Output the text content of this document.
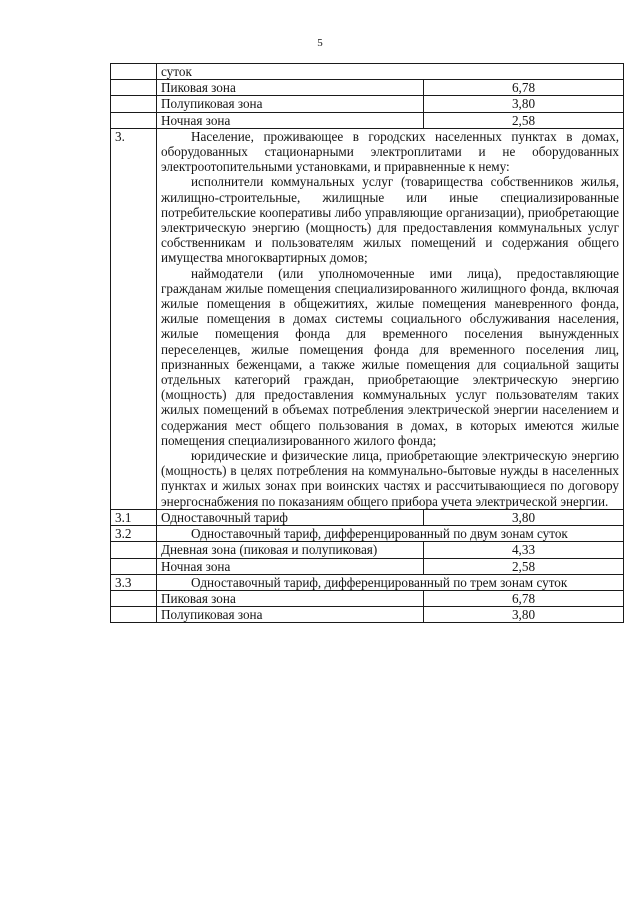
5
	суток	
	Пиковая зона	6,78
	Полупиковая зона	3,80
	Ночная зона	2,58
3.	Население, проживающее в городских населенных пунктах в домах, оборудованных стационарными электроплитами и не оборудованных электроотопительными установками, и приравненные к нему:

исполнители коммунальных услуг (товарищества собственников жилья, жилищно-строительные, жилищные или иные специализированные потребительские кооперативы либо управляющие организации), приобретающие электрическую энергию (мощность) для предоставления коммунальных услуг собственникам и пользователям жилых помещений и содержания общего имущества многоквартирных домов;

наймодатели (или уполномоченные ими лица), предоставляющие гражданам жилые помещения специализированного жилищного фонда, включая жилые помещения в общежитиях, жилые помещения маневренного фонда, жилые помещения в домах системы социального обслуживания населения, жилые помещения фонда для временного поселения вынужденных переселенцев, жилые помещения фонда для временного поселения лиц, признанных беженцами, а также жилые помещения для социальной защиты отдельных категорий граждан, приобретающие электрическую энергию (мощность) для предоставления коммунальных услуг пользователям таких жилых помещений в объемах потребления электрической энергии населением и содержания мест общего пользования в домах, в которых имеются жилые помещения специализированного жилого фонда;

юридические и физические лица, приобретающие электрическую энергию (мощность) в целях потребления на коммунально-бытовые нужды в населенных пунктах и жилых зонах при воинских частях и рассчитывающиеся по договору энергоснабжения по показаниям общего прибора учета электрической энергии.	

3.1	Одноставочный тариф	3,80
3.2	Одноставочный тариф, дифференцированный по двум зонам суток	
	Дневная зона (пиковая и полупиковая)	4,33
	Ночная зона	2,58
3.3	Одноставочный тариф, дифференцированный по трем зонам суток	
	Пиковая зона	6,78
	Полупиковая зона	3,80
